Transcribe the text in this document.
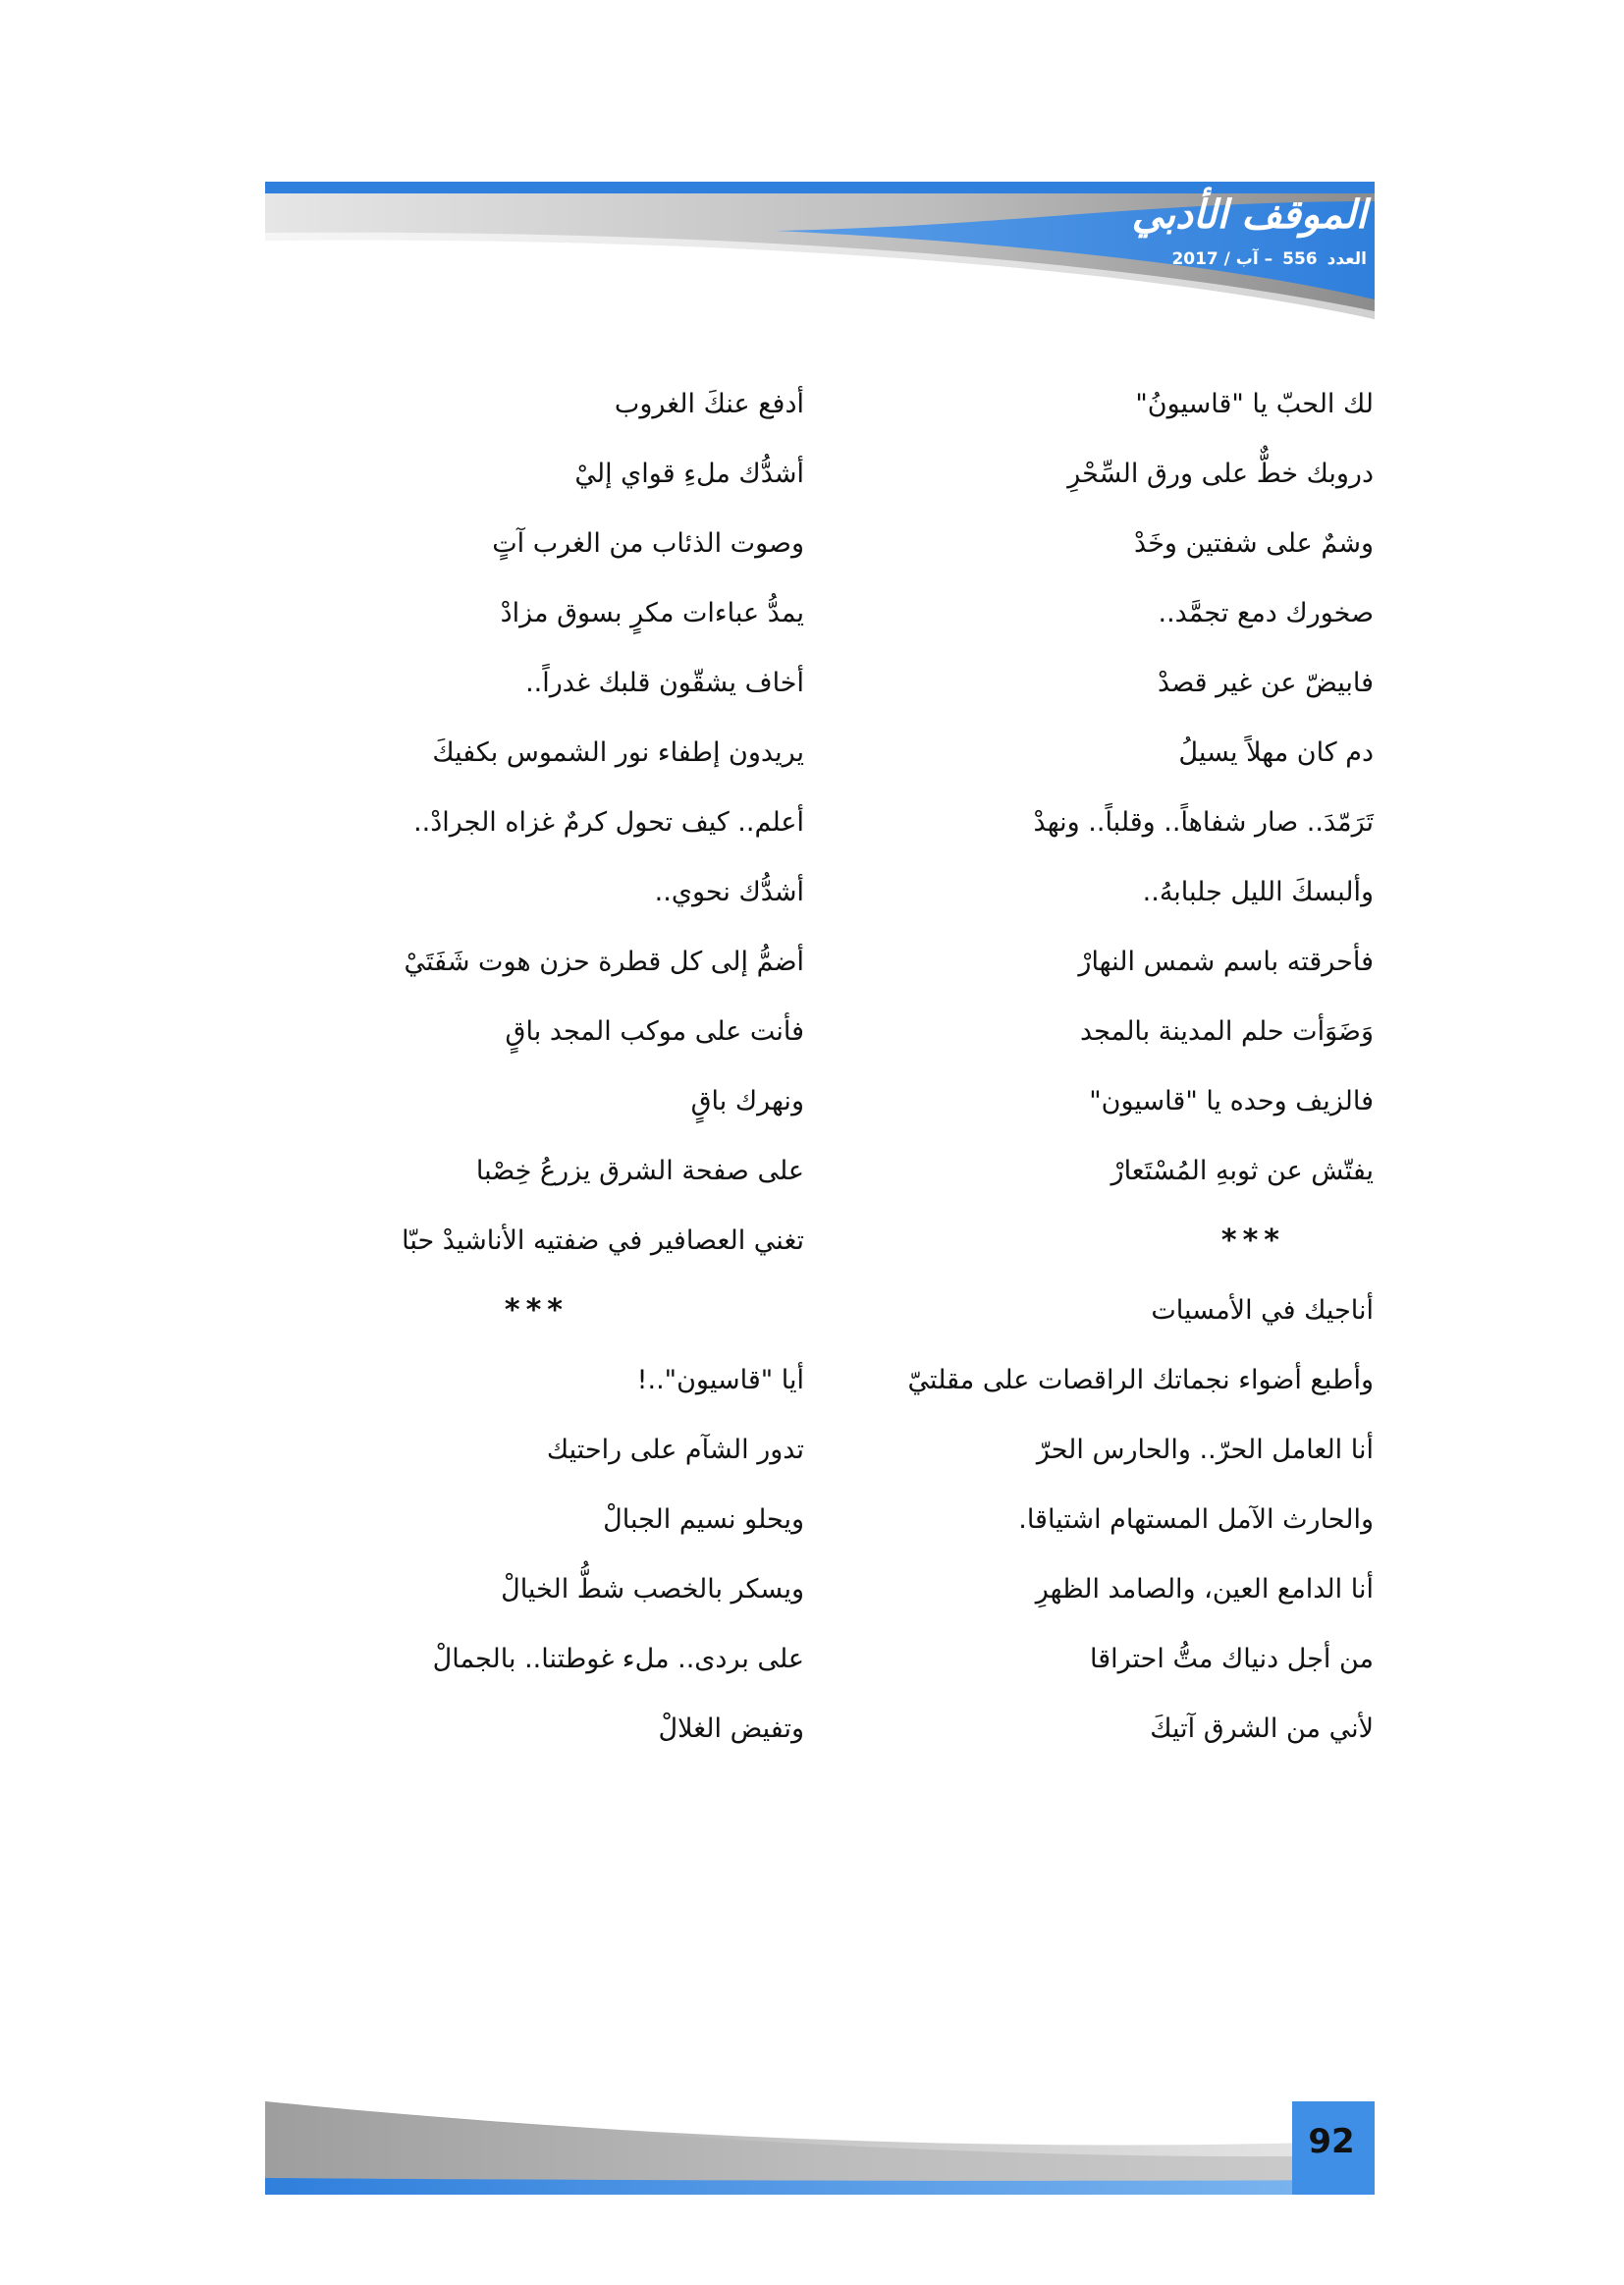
الموقف الأدبي
العدد556– آب / 2017
لك الحبّ يا "قاسيونُ"
دروبك خطٌّ على ورق السِّحْرِ
وشمٌ على شفتين وخَدْ
صخورك دمع تجمَّد..
فابيضّ عن غير قصدْ
دم كان مهلاً يسيلُ
تَرَمّدَ.. صار شفاهاً.. وقلباً.. ونهدْ
وألبسكَ الليل جلبابهُ..
فأحرقته باسم شمس النهارْ
وَضَوَأت حلم المدينة بالمجد
فالزيف وحده يا "قاسيون"
يفتّش عن ثوبهِ المُسْتَعارْ
***
أناجيك في الأمسيات
وأطبع أضواء نجماتك الراقصات على مقلتيّ
أنا العامل الحرّ.. والحارس الحرّ
والحارث الآمل المستهام اشتياقا.
أنا الدامع العين، والصامد الظهرِ
من أجل دنياك متُّ احتراقا
لأني من الشرق آتيكَ
أدفع عنكَ الغروب
أشدُّك ملءِ قواي إليْ
وصوت الذئاب من الغرب آتٍ
يمدُّ عباءات مكرٍ بسوق مزادْ
أخاف يشقّون قلبك غدراً..
يريدون إطفاء نور الشموس بكفيكَ
أعلم.. كيف تحول كرمٌ غزاه الجرادْ..
أشدُّك نحوي..
أضمُّ إلى كل قطرة حزن هوت شَفَتَيْ
فأنت على موكب المجد باقٍ
ونهرك باقٍ
على صفحة الشرق يزرعُ خِصْبا
تغني العصافير في ضفتيه الأناشيدْ حبّا
***
أيا "قاسيون"..!
تدور الشآم على راحتيك
ويحلو نسيم الجبالْ
ويسكر بالخصب شطُّ الخيالْ
على بردى.. ملء غوطتنا.. بالجمالْ
وتفيض الغلالْ
92
